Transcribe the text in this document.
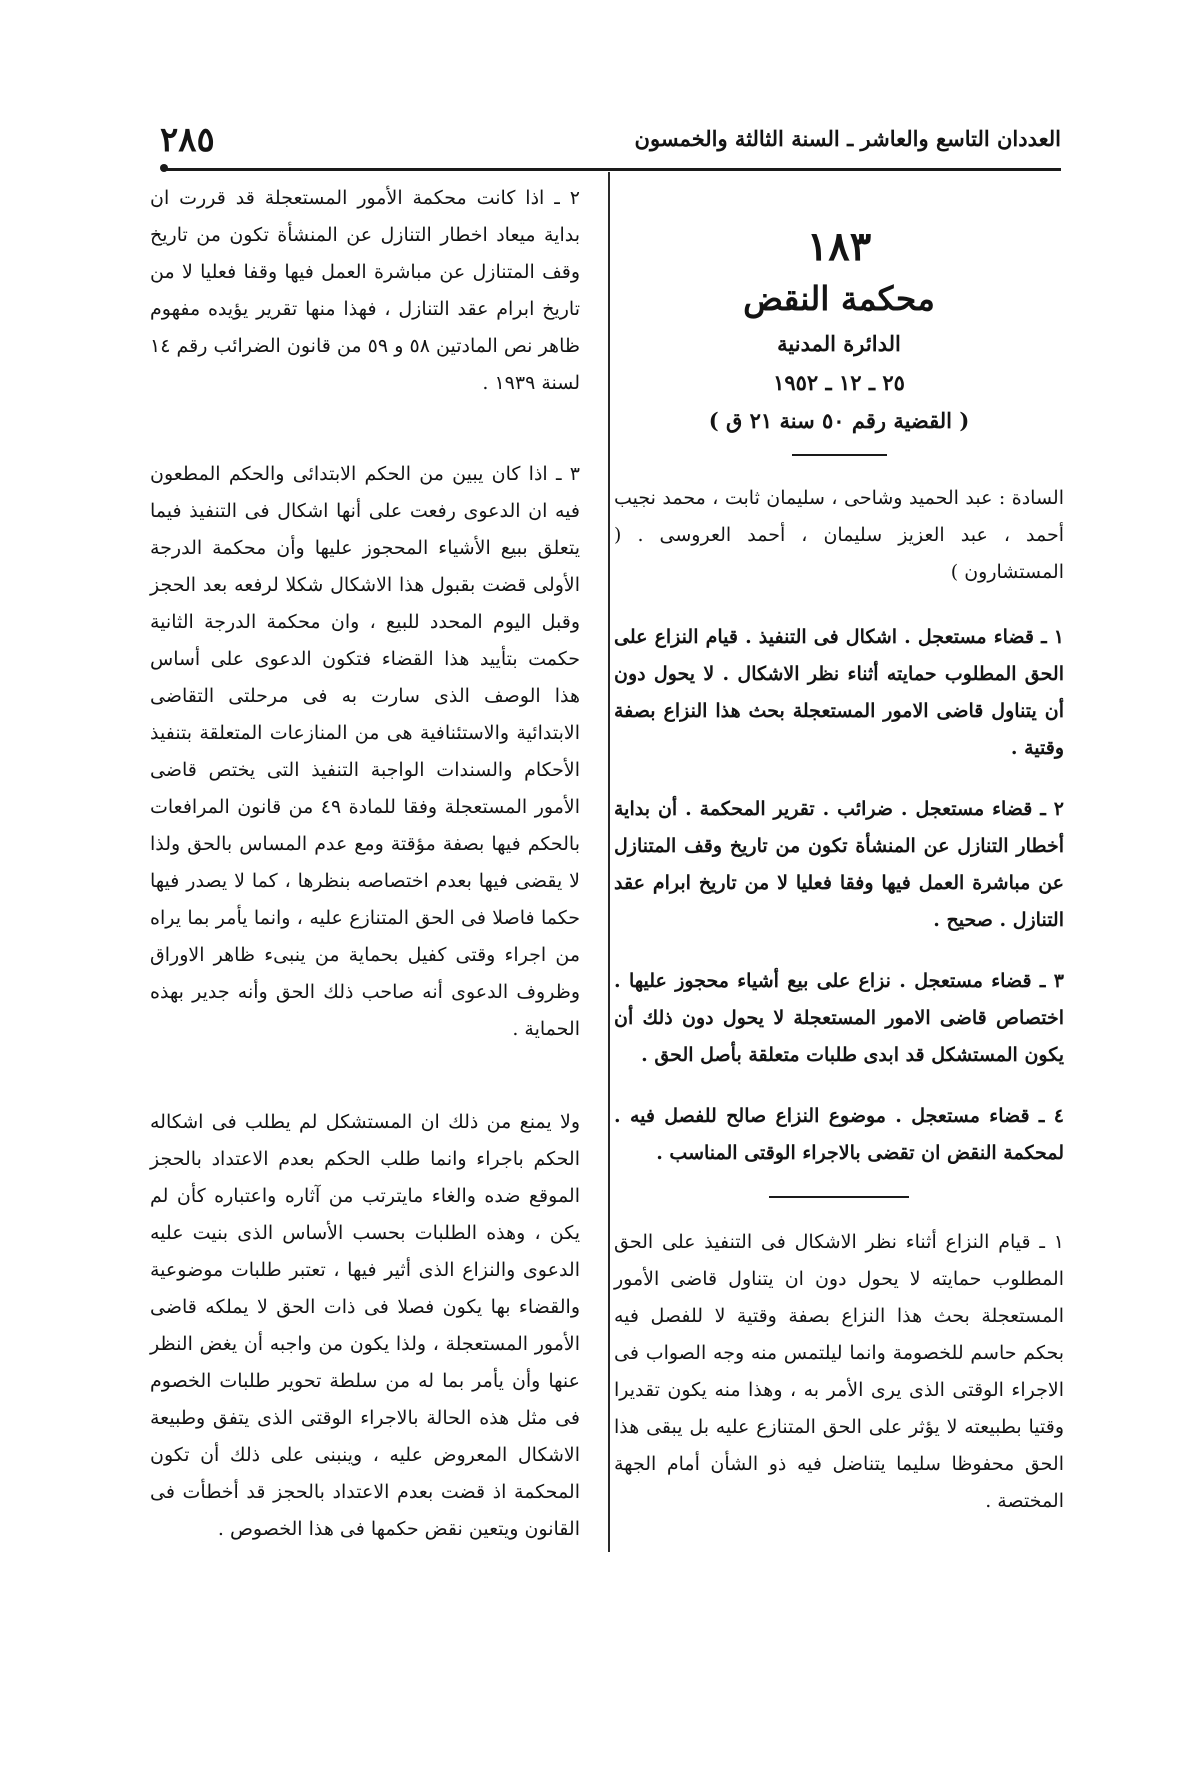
العددان التاسع والعاشر ـ السنة الثالثة والخمسون
٢٨٥
١٨٣
محكمة النقض
الدائرة المدنية
٢٥ ـ ١٢ ـ ١٩٥٢
( القضية رقم ٥٠ سنة ٢١ ق )
السادة : عبد الحميد وشاحى ، سليمان ثابت ، محمد نجيب أحمد ، عبد العزيز سليمان ، أحمد العروسى . ( المستشارون )
١ ـ قضاء مستعجل . اشكال فى التنفيذ . قيام النزاع على الحق المطلوب حمايته أثناء نظر الاشكال . لا يحول دون أن يتناول قاضى الامور المستعجلة بحث هذا النزاع بصفة وقتية .
٢ ـ قضاء مستعجل . ضرائب . تقرير المحكمة . أن بداية أخطار التنازل عن المنشأة تكون من تاريخ وقف المتنازل عن مباشرة العمل فيها وفقا فعليا لا من تاريخ ابرام عقد التنازل . صحيح .
٣ ـ قضاء مستعجل . نزاع على بيع أشياء محجوز عليها . اختصاص قاضى الامور المستعجلة لا يحول دون ذلك أن يكون المستشكل قد ابدى طلبات متعلقة بأصل الحق .
٤ ـ قضاء مستعجل . موضوع النزاع صالح للفصل فيه . لمحكمة النقض ان تقضى بالاجراء الوقتى المناسب .
١ ـ قيام النزاع أثناء نظر الاشكال فى التنفيذ على الحق المطلوب حمايته لا يحول دون ان يتناول قاضى الأمور المستعجلة بحث هذا النزاع بصفة وقتية لا للفصل فيه بحكم حاسم للخصومة وانما ليلتمس منه وجه الصواب فى الاجراء الوقتى الذى يرى الأمر به ، وهذا منه يكون تقديرا وقتيا بطبيعته لا يؤثر على الحق المتنازع عليه بل يبقى هذا الحق محفوظا سليما يتناضل فيه ذو الشأن أمام الجهة المختصة .
٢ ـ اذا كانت محكمة الأمور المستعجلة قد قررت ان بداية ميعاد اخطار التنازل عن المنشأة تكون من تاريخ وقف المتنازل عن مباشرة العمل فيها وقفا فعليا لا من تاريخ ابرام عقد التنازل ، فهذا منها تقرير يؤيده مفهوم ظاهر نص المادتين ٥٨ و ٥٩ من قانون الضرائب رقم ١٤ لسنة ١٩٣٩ .
٣ ـ اذا كان يبين من الحكم الابتدائى والحكم المطعون فيه ان الدعوى رفعت على أنها اشكال فى التنفيذ فيما يتعلق ببيع الأشياء المحجوز عليها وأن محكمة الدرجة الأولى قضت بقبول هذا الاشكال شكلا لرفعه بعد الحجز وقبل اليوم المحدد للبيع ، وان محكمة الدرجة الثانية حكمت بتأييد هذا القضاء فتكون الدعوى على أساس هذا الوصف الذى سارت به فى مرحلتى التقاضى الابتدائية والاستئنافية هى من المنازعات المتعلقة بتنفيذ الأحكام والسندات الواجبة التنفيذ التى يختص قاضى الأمور المستعجلة وفقا للمادة ٤٩ من قانون المرافعات بالحكم فيها بصفة مؤقتة ومع عدم المساس بالحق ولذا لا يقضى فيها بعدم اختصاصه بنظرها ، كما لا يصدر فيها حكما فاصلا فى الحق المتنازع عليه ، وانما يأمر بما يراه من اجراء وقتى كفيل بحماية من ينبىء ظاهر الاوراق وظروف الدعوى أنه صاحب ذلك الحق وأنه جدير بهذه الحماية .
ولا يمنع من ذلك ان المستشكل لم يطلب فى اشكاله الحكم باجراء وانما طلب الحكم بعدم الاعتداد بالحجز الموقع ضده والغاء مايترتب من آثاره واعتباره كأن لم يكن ، وهذه الطلبات بحسب الأساس الذى بنيت عليه الدعوى والنزاع الذى أثير فيها ، تعتبر طلبات موضوعية والقضاء بها يكون فصلا فى ذات الحق لا يملكه قاضى الأمور المستعجلة ، ولذا يكون من واجبه أن يغض النظر عنها وأن يأمر بما له من سلطة تحوير طلبات الخصوم فى مثل هذه الحالة بالاجراء الوقتى الذى يتفق وطبيعة الاشكال المعروض عليه ، وينبنى على ذلك أن تكون المحكمة اذ قضت بعدم الاعتداد بالحجز قد أخطأت فى القانون ويتعين نقض حكمها فى هذا الخصوص .
